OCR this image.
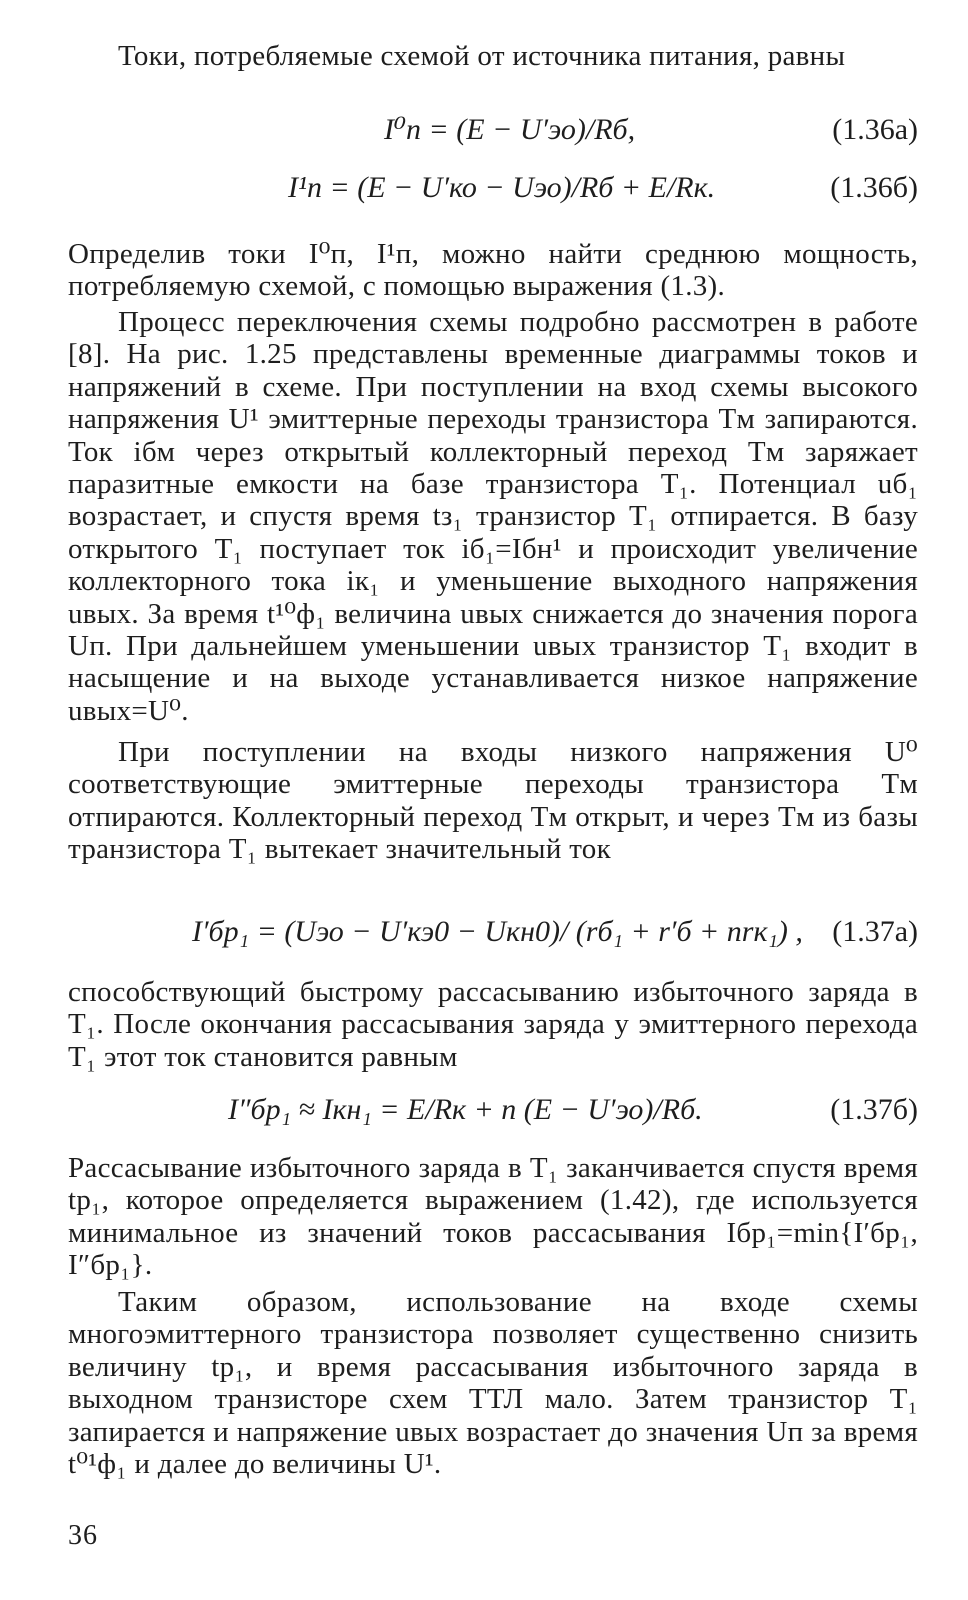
Токи, потребляемые схемой от источника питания, равны
I⁰п = (E − U′эо)/Rб,	(1.36а)
I¹п = (E − U′ко − Uэо)/Rб + E/Rк.	(1.36б)
Определив токи I⁰п, I¹п, можно найти среднюю мощность, потребляемую схемой, с помощью выражения (1.3).
Процесс переключения схемы подробно рассмотрен в работе [8]. На рис. 1.25 представлены временные диаграммы токов и напряжений в схеме. При поступлении на вход схемы высокого напряжения U¹ эмиттерные переходы транзистора Tм запираются. Ток iбм через открытый коллекторный переход Tм заряжает паразитные емкости на базе транзистора T₁. Потенциал uб₁ возрастает, и спустя время tз₁ транзистор T₁ отпирается. В базу открытого T₁ поступает ток iб₁=Iбн¹ и происходит увеличение коллекторного тока iк₁ и уменьшение выходного напряжения uвых. За время t¹⁰ф₁ величина uвых снижается до значения порога Uп. При дальнейшем уменьшении uвых транзистор T₁ входит в насыщение и на выходе устанавливается низкое напряжение uвых=U⁰.
При поступлении на входы низкого напряжения U⁰ соответствующие эмиттерные переходы транзистора Tм отпираются. Коллекторный переход Tм открыт, и через Tм из базы транзистора T₁ вытекает значительный ток
I′бр₁ = (Uэо − U′кэ0 − Uкн0)/ (rб₁ + r′б + nrк₁) , (1.37а)
способствующий быстрому рассасыванию избыточного заряда в T₁. После окончания рассасывания заряда у эмиттерного перехода T₁ этот ток становится равным
I″бр₁ ≈ Iкн₁ = E/Rк + n (E − U′эо)/Rб.	(1.37б)
Рассасывание избыточного заряда в T₁ заканчивается спустя время tр₁, которое определяется выражением (1.42), где используется минимальное из значений токов рассасывания Iбр₁=min{I′бр₁, I″бр₁}.
Таким образом, использование на входе схемы многоэмиттерного транзистора позволяет существенно снизить величину tр₁, и время рассасывания избыточного заряда в выходном транзисторе схем ТТЛ мало. Затем транзистор T₁ запирается и напряжение uвых возрастает до значения Uп за время t⁰¹ф₁ и далее до величины U¹.
36
